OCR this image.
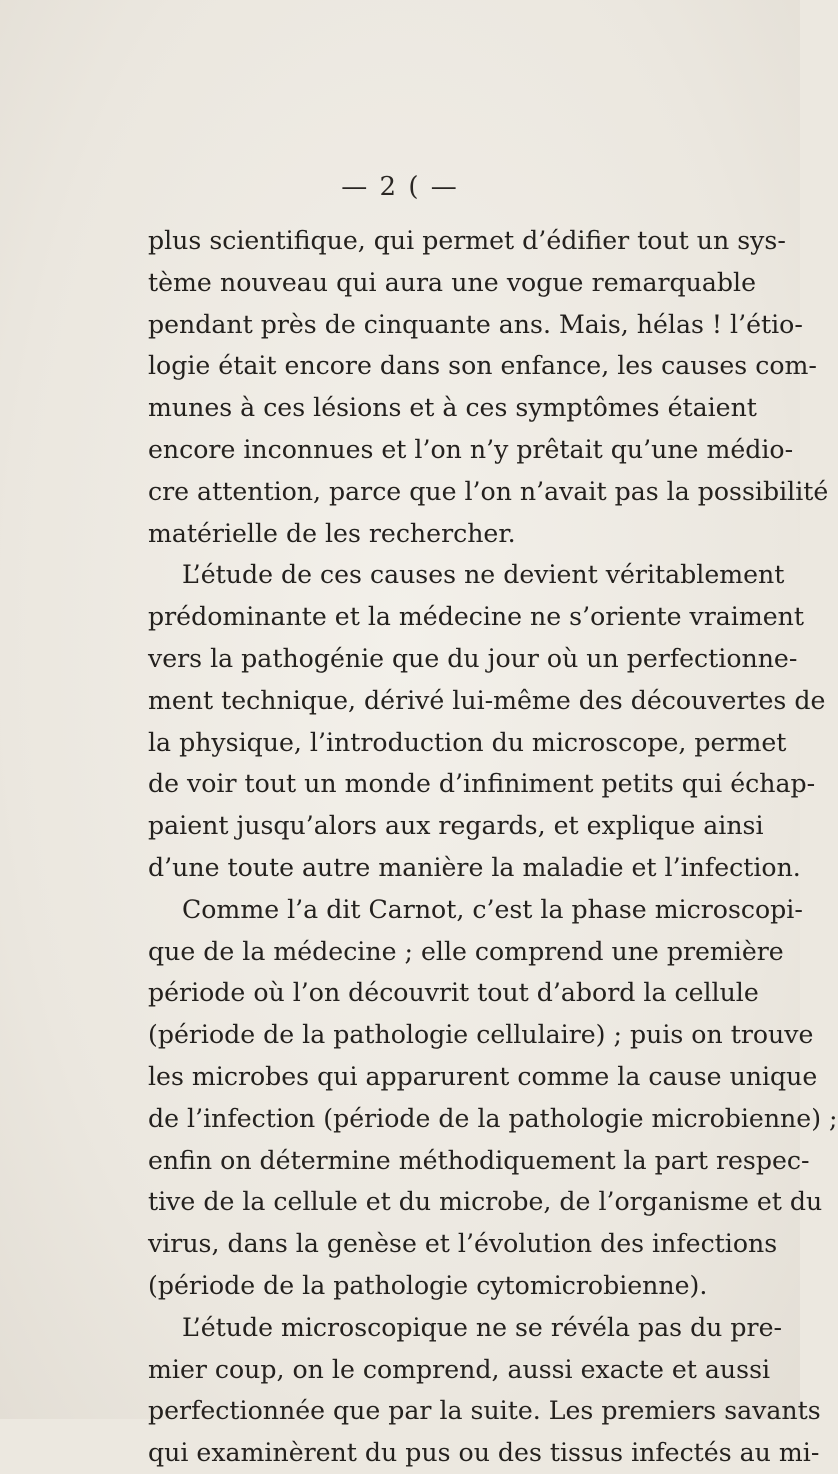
— 2 ( —
plus scientifique, qui permet d’édifier tout un sys-
tème nouveau qui aura une vogue remarquable
pendant près de cinquante ans. Mais, hélas ! l’étio-
logie était encore dans son enfance, les causes com-
munes à ces lésions et à ces symptômes étaient
encore inconnues et l’on n’y prêtait qu’une médio-
cre attention, parce que l’on n’avait pas la possibilité
matérielle de les rechercher.
L’étude de ces causes ne devient véritablement
prédominante et la médecine ne s’oriente vraiment
vers la pathogénie que du jour où un perfectionne-
ment technique, dérivé lui-même des découvertes de
la physique, l’introduction du microscope, permet
de voir tout un monde d’infiniment petits qui échap-
paient jusqu’alors aux regards, et explique ainsi
d’une toute autre manière la maladie et l’infection.
Comme l’a dit Carnot, c’est la phase microscopi-
que de la médecine ; elle comprend une première
période où l’on découvrit tout d’abord la cellule
(période de la pathologie cellulaire) ; puis on trouve
les microbes qui apparurent comme la cause unique
de l’infection (période de la pathologie microbienne) ;
enfin on détermine méthodiquement la part respec-
tive de la cellule et du microbe, de l’organisme et du
virus, dans la genèse et l’évolution des infections
(période de la pathologie cytomicrobienne).
L’étude microscopique ne se révéla pas du pre-
mier coup, on le comprend, aussi exacte et aussi
perfectionnée que par la suite. Les premiers savants
qui examinèrent du pus ou des tissus infectés au mi-
